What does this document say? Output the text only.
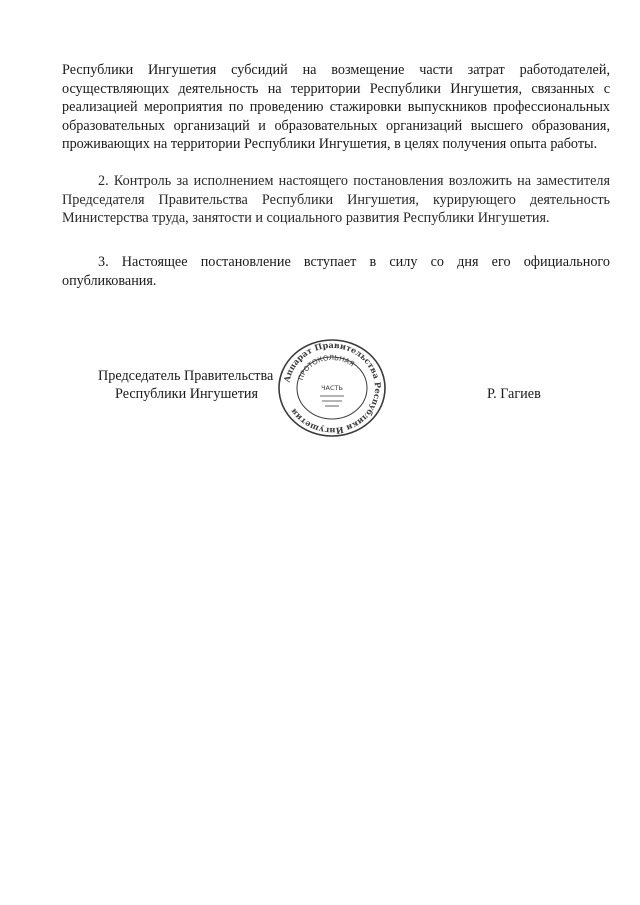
Республики Ингушетия субсидий на возмещение части затрат работодателей, осуществляющих деятельность на территории Республики Ингушетия, связанных с реализацией мероприятия по проведению стажировки выпускников профессиональных образовательных организаций и образовательных организаций высшего образования, проживающих на территории Республики Ингушетия, в целях получения опыта работы.

2. Контроль за исполнением настоящего постановления возложить на заместителя Председателя Правительства Республики Ингушетия, курирующего деятельность Министерства труда, занятости и социального развития Республики Ингушетия.

3. Настоящее постановление вступает в силу со дня его официального опубликования.

Председатель Правительства

Республики Ингушетия	Р. Гагиев

Аппарат Правительства Республики Ингушетия
ПРОТОКОЛЬНАЯ
ЧАСТЬ
